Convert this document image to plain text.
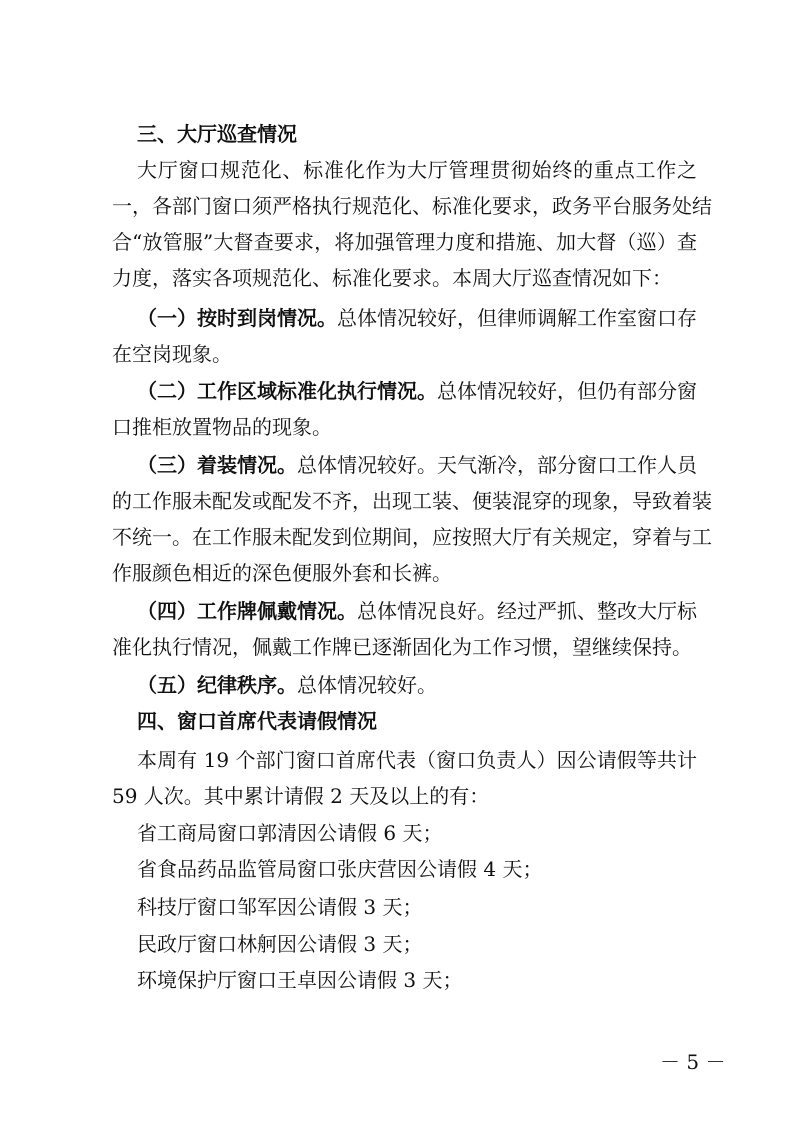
三、大厅巡查情况
大厅窗口规范化、标准化作为大厅管理贯彻始终的重点工作之
一，各部门窗口须严格执行规范化、标准化要求，政务平台服务处结
合“放管服”大督查要求，将加强管理力度和措施、加大督（巡）查
力度，落实各项规范化、标准化要求。本周大厅巡查情况如下：
（一）按时到岗情况。总体情况较好，但律师调解工作室窗口存
在空岗现象。
（二）工作区域标准化执行情况。总体情况较好，但仍有部分窗
口推柜放置物品的现象。
（三）着装情况。总体情况较好。天气渐冷，部分窗口工作人员
的工作服未配发或配发不齐，出现工装、便装混穿的现象，导致着装
不统一。在工作服未配发到位期间，应按照大厅有关规定，穿着与工
作服颜色相近的深色便服外套和长裤。
（四）工作牌佩戴情况。总体情况良好。经过严抓、整改大厅标
准化执行情况，佩戴工作牌已逐渐固化为工作习惯，望继续保持。
（五）纪律秩序。总体情况较好。
四、窗口首席代表请假情况
本周有 19 个部门窗口首席代表（窗口负责人）因公请假等共计
59 人次。其中累计请假 2 天及以上的有：
省工商局窗口郭清因公请假 6 天；
省食品药品监管局窗口张庆营因公请假 4 天；
科技厅窗口邹军因公请假 3 天；
民政厅窗口林舸因公请假 3 天；
环境保护厅窗口王卓因公请假 3 天；
－ 5 －
